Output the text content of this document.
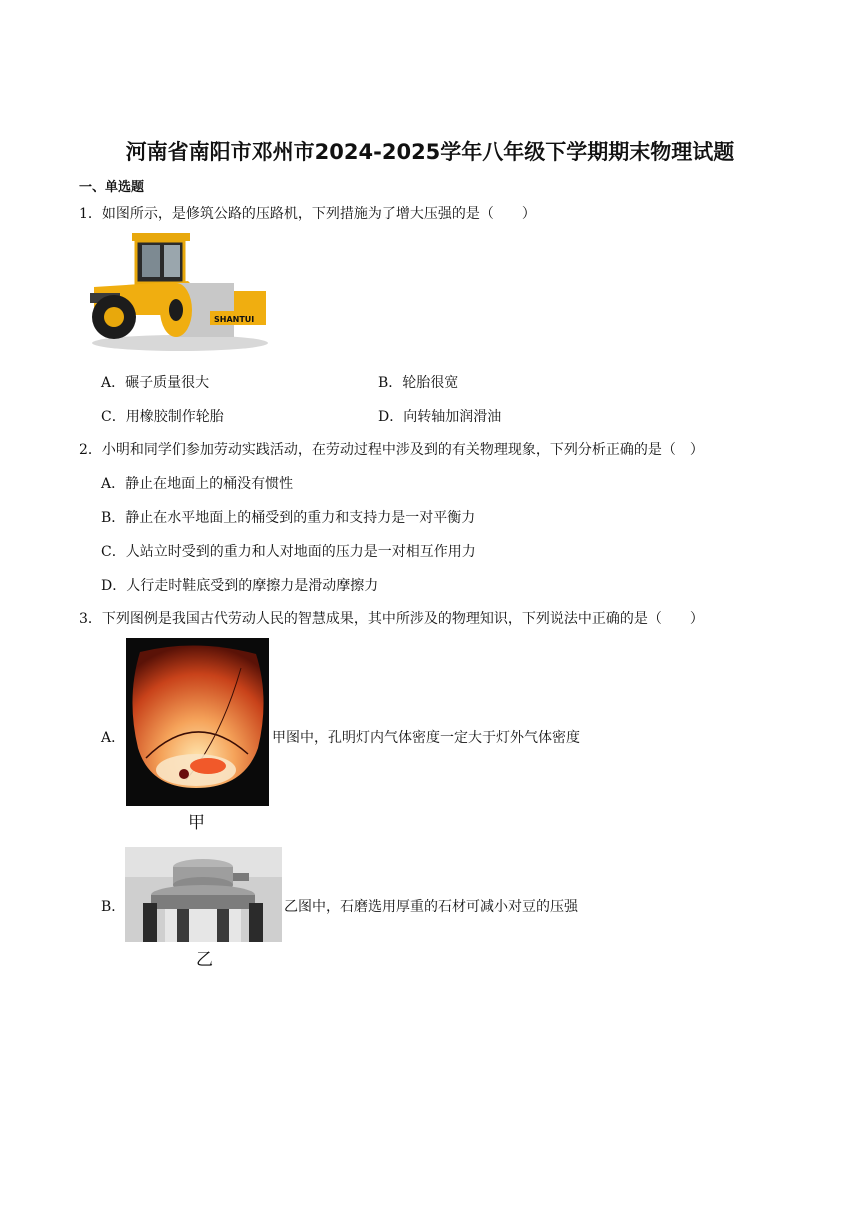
河南省南阳市邓州市2024-2025学年八年级下学期期末物理试题
一、单选题
1．如图所示，是修筑公路的压路机，下列措施为了增大压强的是（　　）
SHANTUI
A．碾子质量很大	B．轮胎很宽
C．用橡胶制作轮胎	D．向转轴加润滑油
2．小明和同学们参加劳动实践活动，在劳动过程中涉及到的有关物理现象，下列分析正确的是（　）
A．静止在地面上的桶没有惯性
B．静止在水平地面上的桶受到的重力和支持力是一对平衡力
C．人站立时受到的重力和人对地面的压力是一对相互作用力
D．人行走时鞋底受到的摩擦力是滑动摩擦力
3．下列图例是我国古代劳动人民的智慧成果，其中所涉及的物理知识，下列说法中正确的是（　　）
A．
甲
甲图中，孔明灯内气体密度一定大于灯外气体密度
B．
乙
乙图中，石磨选用厚重的石材可减小对豆的压强
